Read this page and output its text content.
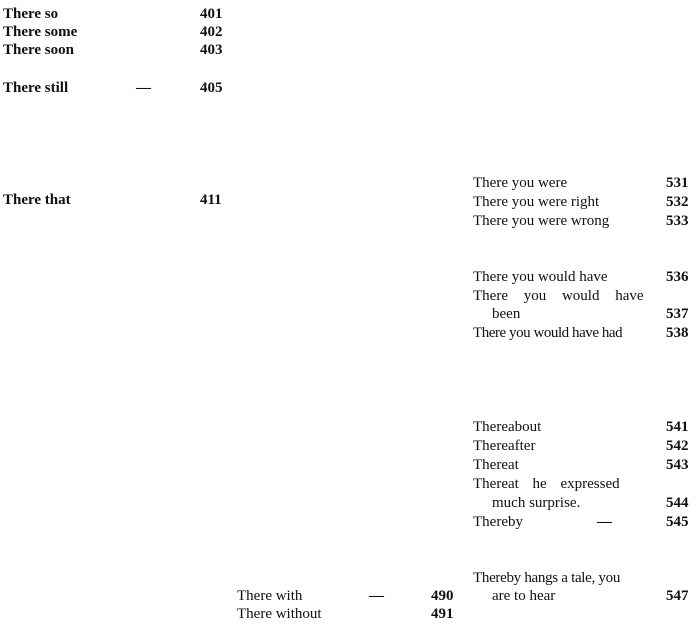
There so	401
There some	402
There soon	403
There still	—	405
There that	411
There with	—	490
There without	491
There you were	531
There you were right	532
There you were wrong	533
There you would have	536
There you would have
been	537
There you would have had	538
Thereabout	541
Thereafter	542
Thereat	543
Thereat he expressed
much surprise.	544
Thereby	—	545
Thereby hangs a tale, you
are to hear	547
